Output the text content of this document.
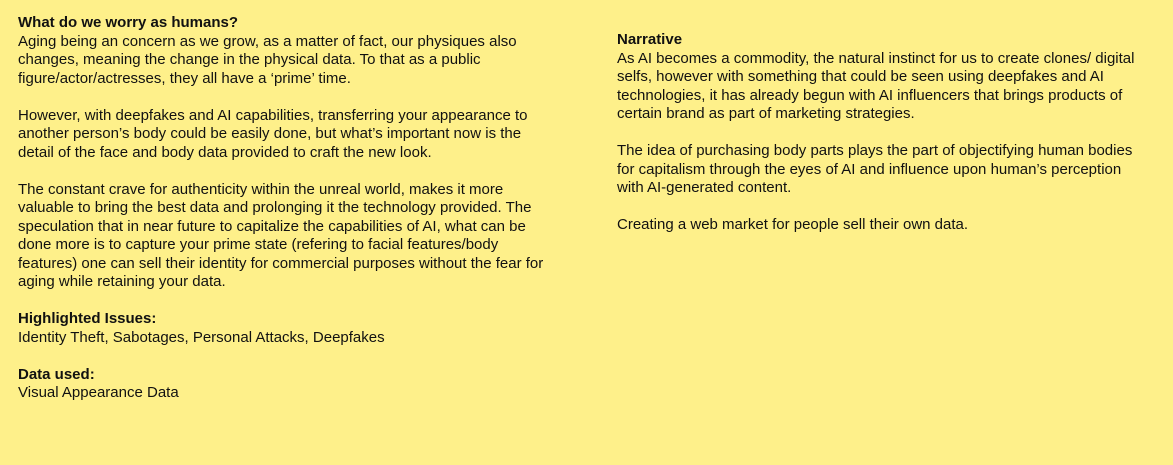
What do we worry as humans?
Aging being an concern as we grow, as a matter of fact, our physiques also changes, meaning the change in the physical data. To that as a public figure/actor/actresses, they all have a ‘prime’ time.
However, with deepfakes and AI capabilities, transferring your appearance to another person’s body could be easily done, but what’s important now is the detail of the face and body data provided to craft the new look.
The constant crave for authenticity within the unreal world, makes it more valuable to bring the best data and prolonging it the technology provided. The speculation that in near future to capitalize the capabilities of AI, what can be done more is to capture your prime state (refering to facial features/body features) one can sell their identity for commercial purposes without the fear for aging while retaining your data.
Highlighted Issues:
Identity Theft, Sabotages, Personal Attacks, Deepfakes
Data used:
Visual Appearance Data
Narrative
As AI becomes a commodity, the natural instinct for us to create clones/ digital selfs, however with something that could be seen using deepfakes and AI technologies, it has already begun with AI influencers that brings products of certain brand as part of marketing strategies.
The idea of purchasing body parts plays the part of objectifying human bodies for capitalism through the eyes of AI and influence upon human’s perception with AI-generated content.
Creating a web market for people sell their own data.
